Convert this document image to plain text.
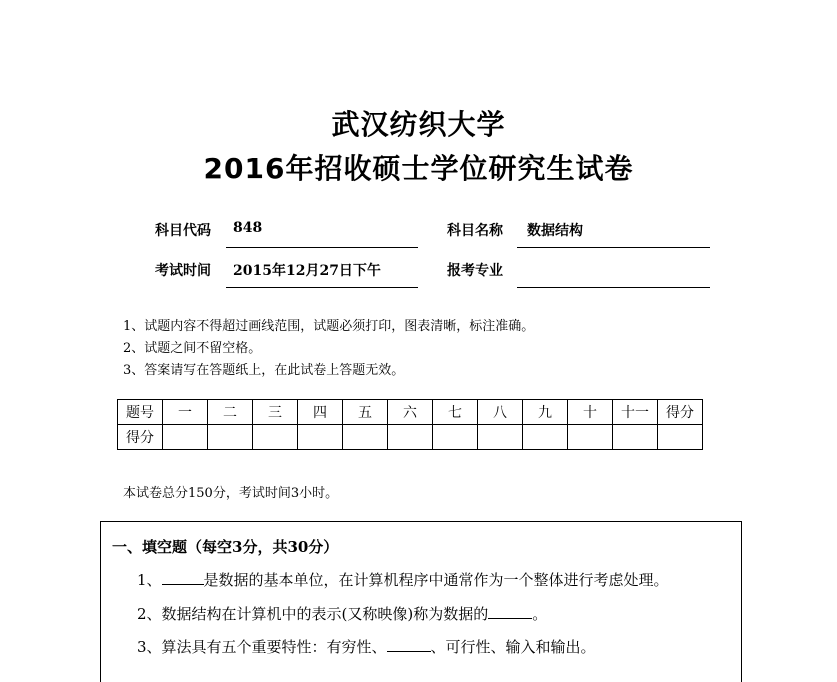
武汉纺织大学
2016年招收硕士学位研究生试卷
科目代码 848	科目名称 数据结构
考试时间 2015年12月27日下午	报考专业
1、试题内容不得超过画线范围，试题必须打印，图表清晰，标注准确。
2、试题之间不留空格。
3、答案请写在答题纸上，在此试卷上答题无效。
题号	一	二	三	四	五	六	七	八	九	十	十一	得分
得分												
本试卷总分150分，考试时间3小时。
一、填空题（每空3分，共30分）
1、	是数据的基本单位，在计算机程序中通常作为一个整体进行考虑处理。
2、数据结构在计算机中的表示(又称映像)称为数据的	。
3、算法具有五个重要特性：有穷性、	、可行性、输入和输出。
